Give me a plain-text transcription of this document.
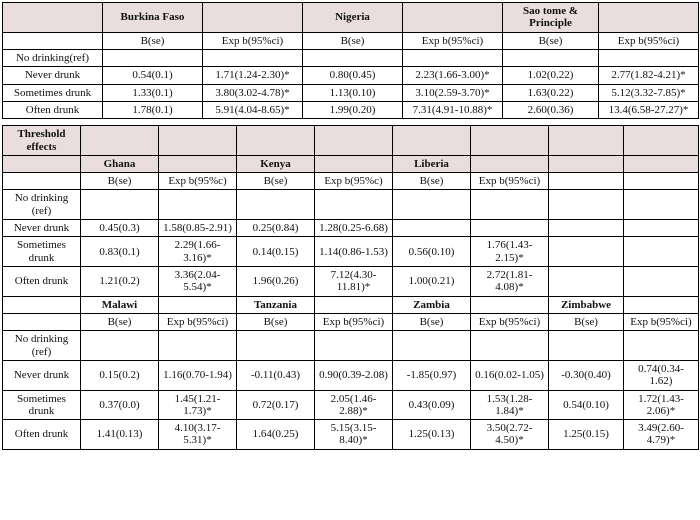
	Burkina Faso		Nigeria		Sao tome & Principle	
	B(se)	Exp b(95%ci)	B(se)	Exp b(95%ci)	B(se)	Exp b(95%ci)
No drinking(ref)						
Never drunk	0.54(0.1)	1.71(1.24-2.30)*	0.80(0.45)	2.23(1.66-3.00)*	1.02(0.22)	2.77(1.82-4.21)*
Sometimes drunk	1.33(0.1)	3.80(3.02-4.78)*	1.13(0.10)	3.10(2.59-3.70)*	1.63(0.22)	5.12(3.32-7.85)*
Often drunk	1.78(0.1)	5.91(4.04-8.65)*	1.99(0.20)	7.31(4.91-10.88)*	2.60(0.36)	13.4(6.58-27.27)*
Threshold effects								
	Ghana		Kenya		Liberia			
	B(se)	Exp b(95%c)	B(se)	Exp b(95%c)	B(se)	Exp b(95%ci)		
No drinking (ref)								
Never drunk	0.45(0.3)	1.58(0.85-2.91)	0.25(0.84)	1.28(0.25-6.68)				
Sometimes drunk	0.83(0.1)	2.29(1.66-3.16)*	0.14(0.15)	1.14(0.86-1.53)	0.56(0.10)	1.76(1.43-2.15)*		
Often drunk	1.21(0.2)	3.36(2.04-5.54)*	1.96(0.26)	7.12(4.30-11.81)*	1.00(0.21)	2.72(1.81-4.08)*		
	Malawi		Tanzania		Zambia		Zimbabwe	
	B(se)	Exp b(95%ci)	B(se)	Exp b(95%ci)	B(se)	Exp b(95%ci)	B(se)	Exp b(95%ci)
No drinking (ref)								
Never drunk	0.15(0.2)	1.16(0.70-1.94)	-0.11(0.43)	0.90(0.39-2.08)	-1.85(0.97)	0.16(0.02-1.05)	-0.30(0.40)	0.74(0.34-1.62)
Sometimes drunk	0.37(0.0)	1.45(1.21-1.73)*	0.72(0.17)	2.05(1.46-2.88)*	0.43(0.09)	1.53(1.28-1.84)*	0.54(0.10)	1.72(1.43-2.06)*
Often drunk	1.41(0.13)	4.10(3.17-5.31)*	1.64(0.25)	5.15(3.15-8.40)*	1.25(0.13)	3.50(2.72-4.50)*	1.25(0.15)	3.49(2.60-4.79)*
